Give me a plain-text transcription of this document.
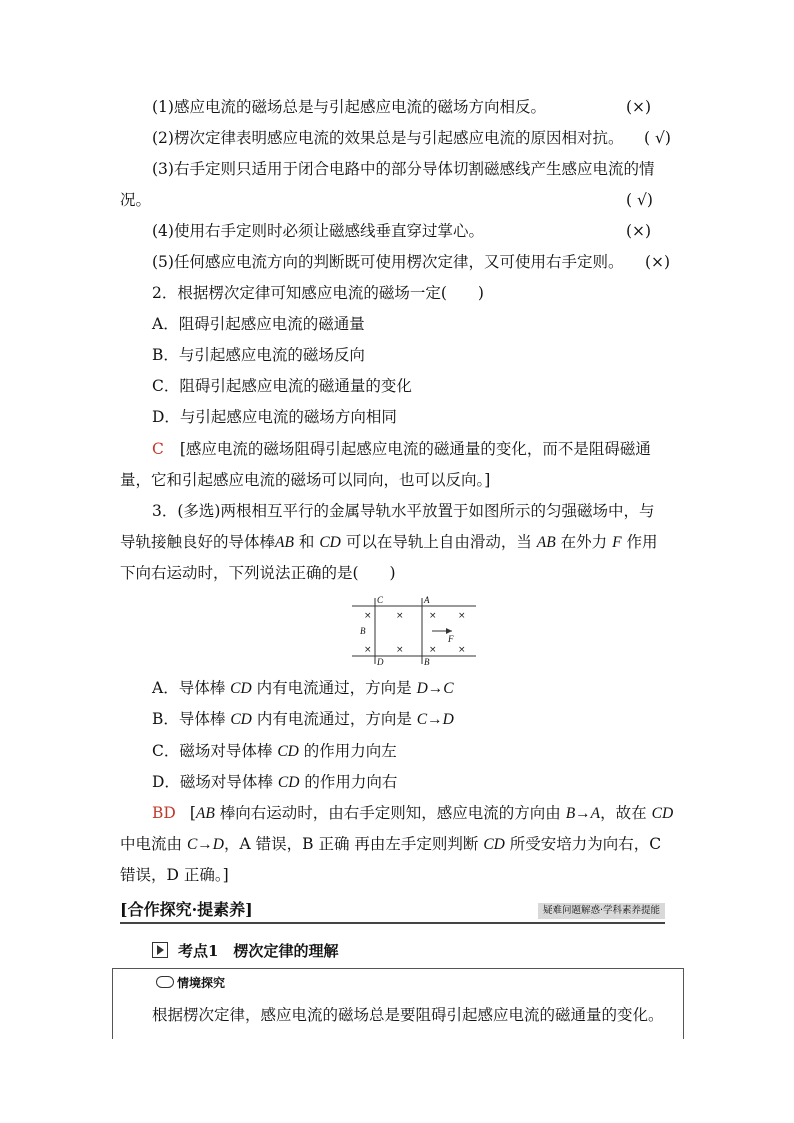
(1)感应电流的磁场总是与引起感应电流的磁场方向相反。	(×)
(2)楞次定律表明感应电流的效果总是与引起感应电流的原因相对抗。 ( √)
(3)右手定则只适用于闭合电路中的部分导体切割磁感线产生感应电流的情
况。	( √)
(4)使用右手定则时必须让磁感线垂直穿过掌心。	(×)
(5)任何感应电流方向的判断既可使用楞次定律，又可使用右手定则。 (×)
2．根据楞次定律可知感应电流的磁场一定(　　)
A．阻碍引起感应电流的磁通量
B．与引起感应电流的磁场反向
C．阻碍引起感应电流的磁通量的变化
D．与引起感应电流的磁场方向相同
C [感应电流的磁场阻碍引起感应电流的磁通量的变化，而不是阻碍磁通
量，它和引起感应电流的磁场可以同向，也可以反向。]
3．(多选)两根相互平行的金属导轨水平放置于如图所示的匀强磁场中，与
导轨接触良好的导体棒AB 和 CD 可以在导轨上自由滑动，当 AB 在外力 F 作用
下向右运动时，下列说法正确的是(　　)
C	A
B
D	B
F
×	×	× ×
×	×	× ×
A．导体棒 CD 内有电流通过，方向是 D→C
B．导体棒 CD 内有电流通过，方向是 C→D
C．磁场对导体棒 CD 的作用力向左
D．磁场对导体棒 CD 的作用力向右
BD [AB 棒向右运动时，由右手定则知，感应电流的方向由 B→A，故在 CD
中电流由 C→D，A 错误，B 正确 再由左手定则判断 CD 所受安培力为向右，C
错误，D 正确。]
[合作探究·提素养]	疑难问题解惑·学科素养提能
考点1　楞次定律的理解
情境探究
根据楞次定律，感应电流的磁场总是要阻碍引起感应电流的磁通量的变化。
